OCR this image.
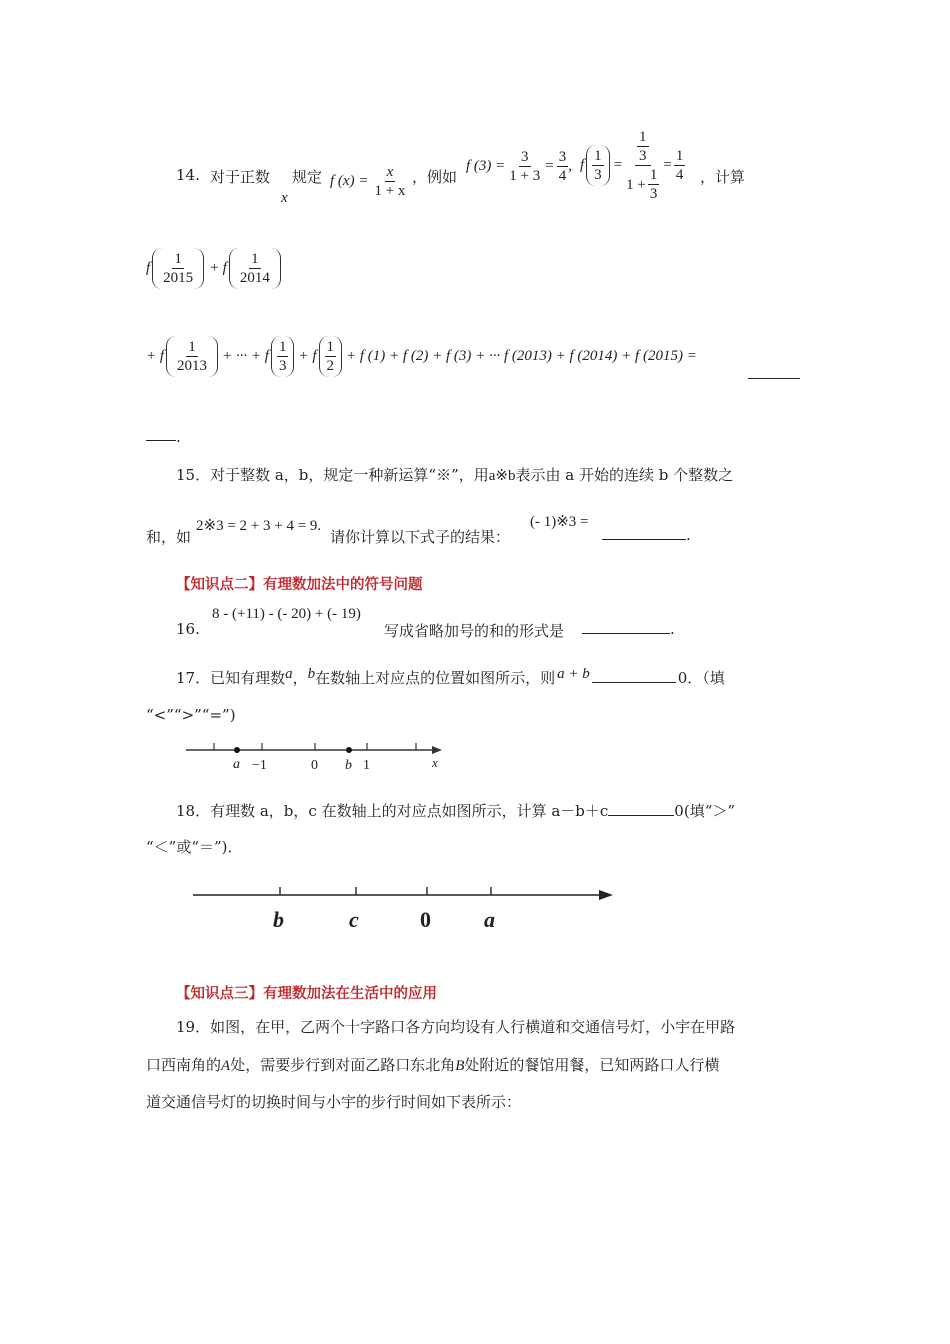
14. 对于正数
x
规定 f $(x) = \frac{x}{1 + x}$ ，例如
f $(3) = \frac{3}{1 + 3} = \frac{3}{4}$ , f $\frac{1}{3} = \frac{\frac{1}{3}}{1 + \frac{1}{3}} = \frac{1}{4}$ ，计算
f $\frac{1}{2015} + f \frac{1}{2014}$
+ f $\frac{1}{2013}$ + ··· + f $\frac{1}{3} + f \frac{1}{2} + f$ (1) + f (2) + f (3) + ··· f (2013) + f (2014) + f (2015) =
.
15．对于整数 a，b，规定一种新运算“※”，用a※b表示由 a 开始的连续 b 个整数之
和，如
2※3 = 2 + 3 + 4 = 9.
请你计算以下式子的结果：
(- 1)※3 =
.
【知识点二】有理数加法中的符号问题
16.
8 - (+11) - (- 20) + (- 19)
写成省略加号的和的形式是	.
17．已知有理数 a ， b 在数轴上对应点的位置如图所示，则 a + b	0．（填
“<”“>”“=”)
a −1	0 b 1	x
18．有理数 a，b，c 在数轴上的对应点如图所示，计算 a－b＋c	0(填“＞”
“＜”或“＝”)．
b	c	0 a
【知识点三】有理数加法在生活中的应用
19．如图，在甲，乙两个十字路口各方向均设有人行横道和交通信号灯，小宇在甲路
口西南角的A处，需要步行到对面乙路口东北角B处附近的餐馆用餐，已知两路口人行横
道交通信号灯的切换时间与小宇的步行时间如下表所示：
